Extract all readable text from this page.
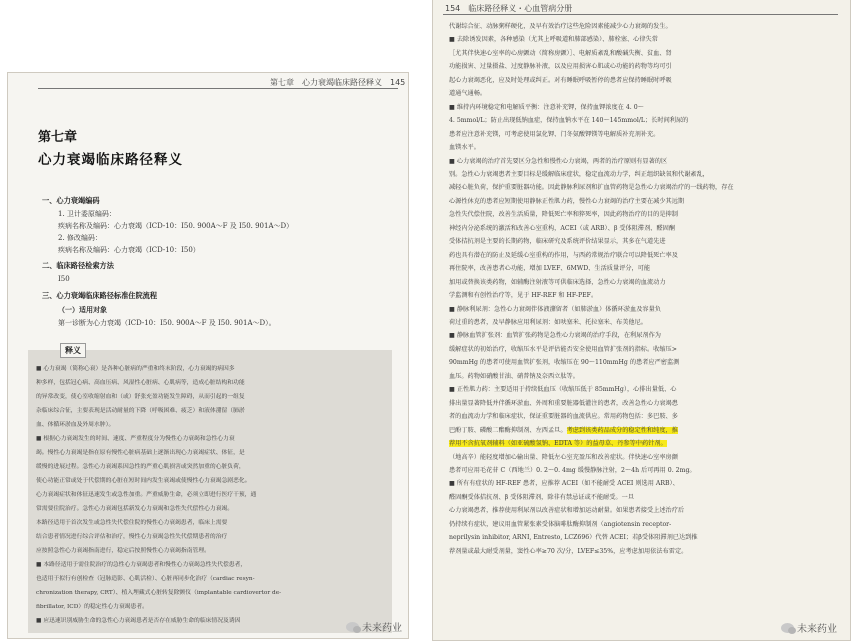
第七章　心力衰竭临床路径释义　145
第七章
心力衰竭临床路径释义
一、心力衰竭编码
1. 卫计委原编码：
疾病名称及编码：心力衰竭（ICD-10：I50. 900A～F 及 I50. 901A～D）
2. 修改编码：
疾病名称及编码：心力衰竭（ICD-10：I50）
二、临床路径检索方法
I50
三、心力衰竭临床路径标准住院流程
（一）适用对象
第一诊断为心力衰竭（ICD-10：I50. 900A～F 及 I50. 901A～D）。
释义
■ 心力衰竭（简称心衰）是各种心脏病的严重和终末阶段，心力衰竭的病因多
种多样，包括冠心病、高血压病、风湿性心脏病、心肌病等，造成心脏结构和功能
的异常改变，使心室收缩射血和（或）舒张充盈功能发生障碍，从而引起的一组复
杂临床综合征，主要表现是活动耐量的下降（呼吸困难、疲乏）和液体潴留（肺淤
血、体循环淤血及外周水肿）。
■ 根据心力衰竭发生的时间、速度、严重程度分为慢性心力衰竭和急性心力衰
竭。慢性心力衰竭是指在原有慢性心脏病基础上逐渐出现心力衰竭症状、体征，是
缓慢的进展过程。急性心力衰竭系因急性的严重心肌损害或突然加重的心脏负荷，
使心功能正常或处于代偿期的心脏在短时间内发生衰竭或使慢性心力衰竭急剧恶化。
心力衰竭症状和体征迅速发生或急性加重。严重威胁生命，必须立即进行医疗干预，通
常需要住院治疗。急性心力衰竭包括新发心力衰竭和急性失代偿性心力衰竭。
本路径适用于首次发生或急性失代偿住院的慢性心力衰竭患者，临床上需要
结合患者情况进行综合评估和治疗，慢性心力衰竭急性失代偿期患者的治疗
应按照急性心力衰竭指南进行，稳定后按照慢性心力衰竭指南管理。
■ 本路径适用于需住院治疗的急性心力衰竭患者和慢性心力衰竭急性失代偿患者，
也适用于拟行有创检查（冠脉造影、心肌活检）、心脏再同步化治疗（cardiac resyn-
chronization therapy, CRT）、植入埋藏式心脏转复除颤仪（implantable cardiovertor de-
fibrillator, ICD）的稳定性心力衰竭患者。
■ 应迅速识别威胁生命的急性心力衰竭患者是否存在威胁生命的临床情况及诱因
未来药业
154　临床路径释义・心血管病分册
代谢综合征、动脉粥样硬化，及早有效治疗这些危险因素能减少心力衰竭的发生。
■ 去除诱发因素，各种感染（尤其上呼吸道和肺部感染）、肺栓塞、心律失常
［尤其伴快速心室率的心房颤动（简称房颤）］、电解质紊乱和酸碱失衡、贫血、肾
功能损害、过量摄盐、过度静脉补液，以及应用损害心肌或心功能的药物等均可引
起心力衰竭恶化，应及时处理或纠正。对有睡眠呼吸暂停的患者应保持睡眠时呼吸
道通气通畅。
■ 维持内环境稳定和电解质平衡：注意补充钾，保持血钾浓度在 4. 0～
4. 5mmol/L；防止出现低钠血症，保持血钠水平在 140～145mmol/L；长时间利尿的
患者应注意补充镁，可考虑使用氯化钾、门冬氨酸钾镁等电解质补充剂补充。
血镁水平。
■ 心力衰竭的治疗首先要区分急性和慢性心力衰竭，两者的治疗原则有显著的区
别。急性心力衰竭患者主要目标是缓解临床症状，稳定血流动力学，纠正组织缺氧和代谢紊乱，
减轻心脏负荷，保护重要脏器功能。因此静脉利尿剂和扩血管药物是急性心力衰竭治疗的一线药物，存在
心源性休克的患者应短期使用静脉正性肌力药，慢性心力衰竭的治疗主要在减少其远期
急性失代偿住院，改善生活质量，降低死亡率和猝死率，因此药物治疗的目的是抑制
神经内分泌系统的激活和改善心室重构，ACEI（或 ARB）、β 受体阻滞剂、醛固酮
受体拮抗剂是主要的长期药物，临床研究及系统评价结果显示，其多在气道先进
药也具有潜在的防止及延缓心室重构的作用，与西药常规治疗联合可以降低死亡率及
再住院率，改善患者心功能，增加 LVEF、6MWD、生活质量评分，可能
加用或替换该类药物，如辅酶注射液等可供临床选择，急性心力衰竭的血流动力
学监测和有创性治疗等，见于 HF-REF 和 HF-PEF。
■ 静脉利尿剂：急性心力衰竭伴体液潴留者（如肺淤血）体循环淤血及容量负
荷过重的患者，及早静脉应用利尿剂：如呋塞米、托拉塞米、布美他尼。
■ 静脉血管扩张剂：血管扩张药物是急性心力衰竭的治疗手段，在利尿剂作为
缓解症状的初始治疗，收缩压水平是评估能否安全使用血管扩张剂的指标。收缩压>
90mmHg 的患者可使用血管扩张剂，收缩压在 90～110mmHg 的患者应严密监测
血压。药物如硝酸甘油、硝普钠及奈西立肽等。
■ 正性肌力药：主要适用于持续低血压（收缩压低于 85mmHg），心排出量低、心
排出量显著降低并伴循环淤血、外周和重要脏器低灌注的患者，改善急性心力衰竭患
者的血流动力学和临床症状，保证重要脏器的血流供应。常用药物包括：多巴胺、多
巴酚丁胺、磷酸二酯酶抑制剂、左西孟旦。考虑到该类药品成分的稳定性和纯度，推
荐用不含抗氧剂辅料（如亚硫酸氢钠、EDTA 等）的益母草、丹参等中药针剂。
（地高辛）能轻度增加心输出量、降低左心室充盈压和改善症状。伴快速心室率房颤
患者可应用毛花苷 C（西地兰）0. 2～0. 4mg 缓慢静脉注射，2～4h 后可再用 0. 2mg。
■ 所有有症状的 HF-REF 患者，应推荐 ACEI（如不能耐受 ACEI 则选用 ARB）、
醛固酮受体拮抗剂、β 受体阻滞剂，除非有禁忌证或不能耐受。一旦
心力衰竭患者，推荐使用利尿剂以改善症状和增加运动耐量。如果患者接受上述治疗后
仍持续有症状，建议用血管紧张素受体脑啡肽酶抑制剂（angiotensin receptor-
neprilysin inhibitor, ARNI, Entresto, LCZ696）代替 ACEI；若β受体阻滞剂已达到推
荐剂量或最大耐受剂量，窦性心率≥70 次/分，LVEF≤35%，应考虑加用依法布雷定。
未来药业
